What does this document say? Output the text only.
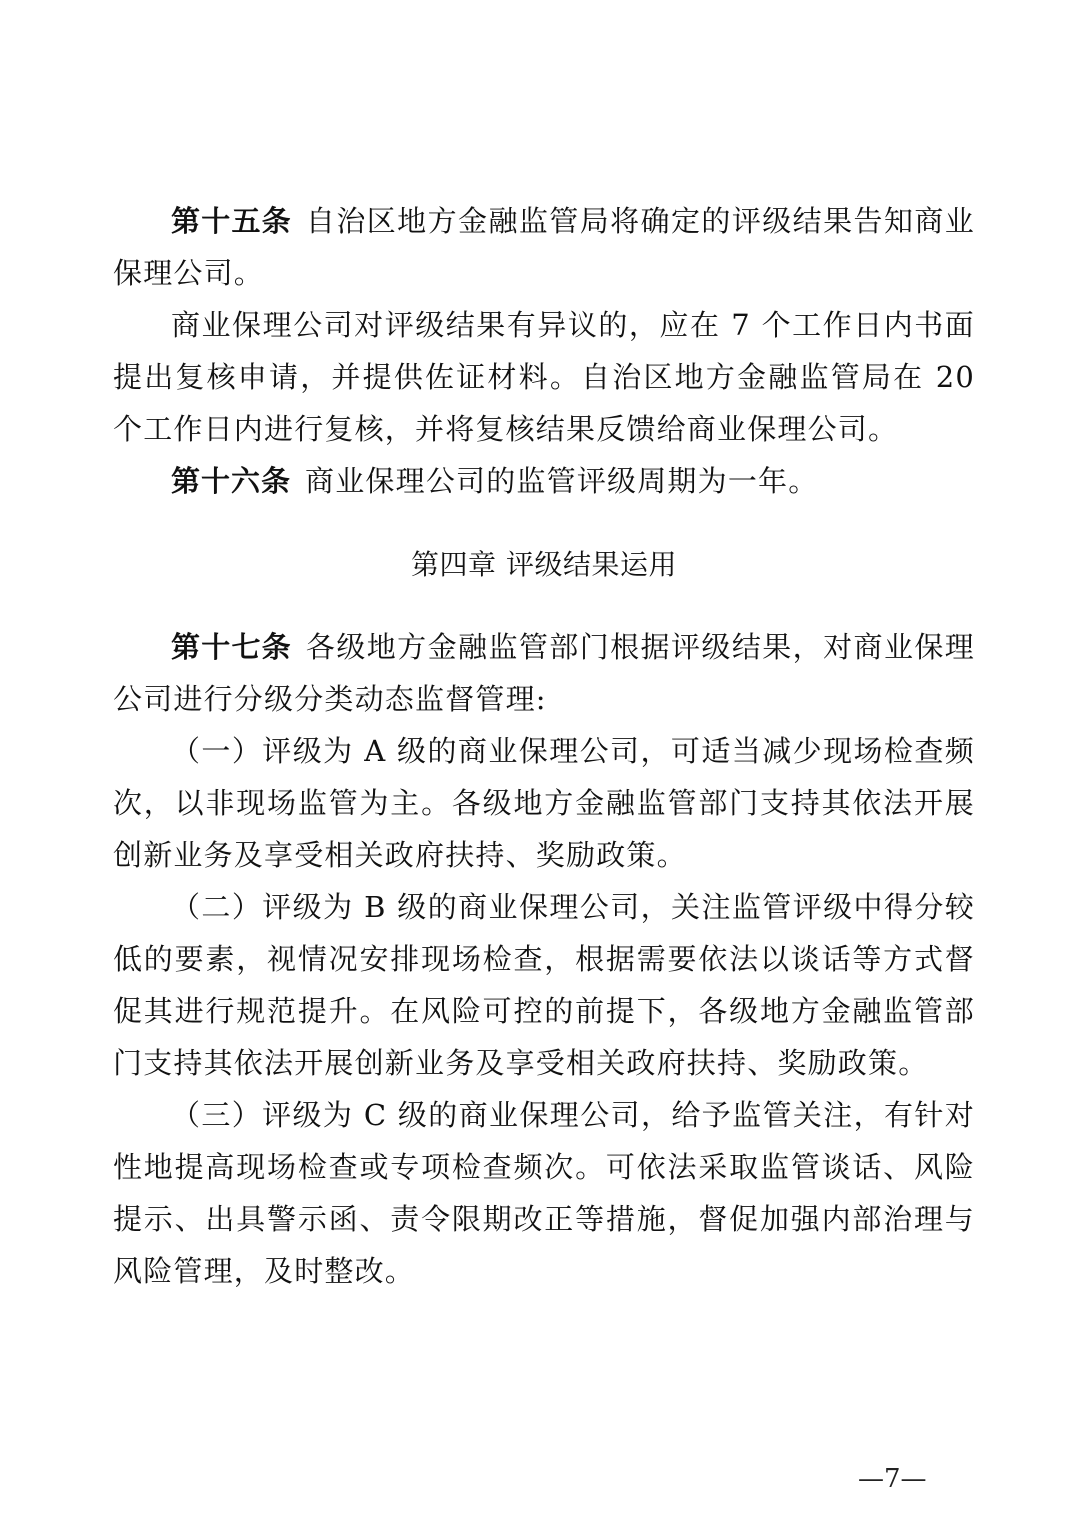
第十五条 自治区地方金融监管局将确定的评级结果告知商业保理公司。

商业保理公司对评级结果有异议的，应在 7 个工作日内书面提出复核申请，并提供佐证材料。自治区地方金融监管局在 20 个工作日内进行复核，并将复核结果反馈给商业保理公司。

第十六条 商业保理公司的监管评级周期为一年。

第四章 评级结果运用

第十七条 各级地方金融监管部门根据评级结果，对商业保理公司进行分级分类动态监督管理:

（一）评级为 A 级的商业保理公司，可适当减少现场检查频次，以非现场监管为主。各级地方金融监管部门支持其依法开展创新业务及享受相关政府扶持、奖励政策。

（二）评级为 B 级的商业保理公司，关注监管评级中得分较低的要素，视情况安排现场检查，根据需要依法以谈话等方式督促其进行规范提升。在风险可控的前提下，各级地方金融监管部门支持其依法开展创新业务及享受相关政府扶持、奖励政策。

（三）评级为 C 级的商业保理公司，给予监管关注，有针对性地提高现场检查或专项检查频次。可依法采取监管谈话、风险提示、出具警示函、责令限期改正等措施，督促加强内部治理与风险管理，及时整改。

—7—
